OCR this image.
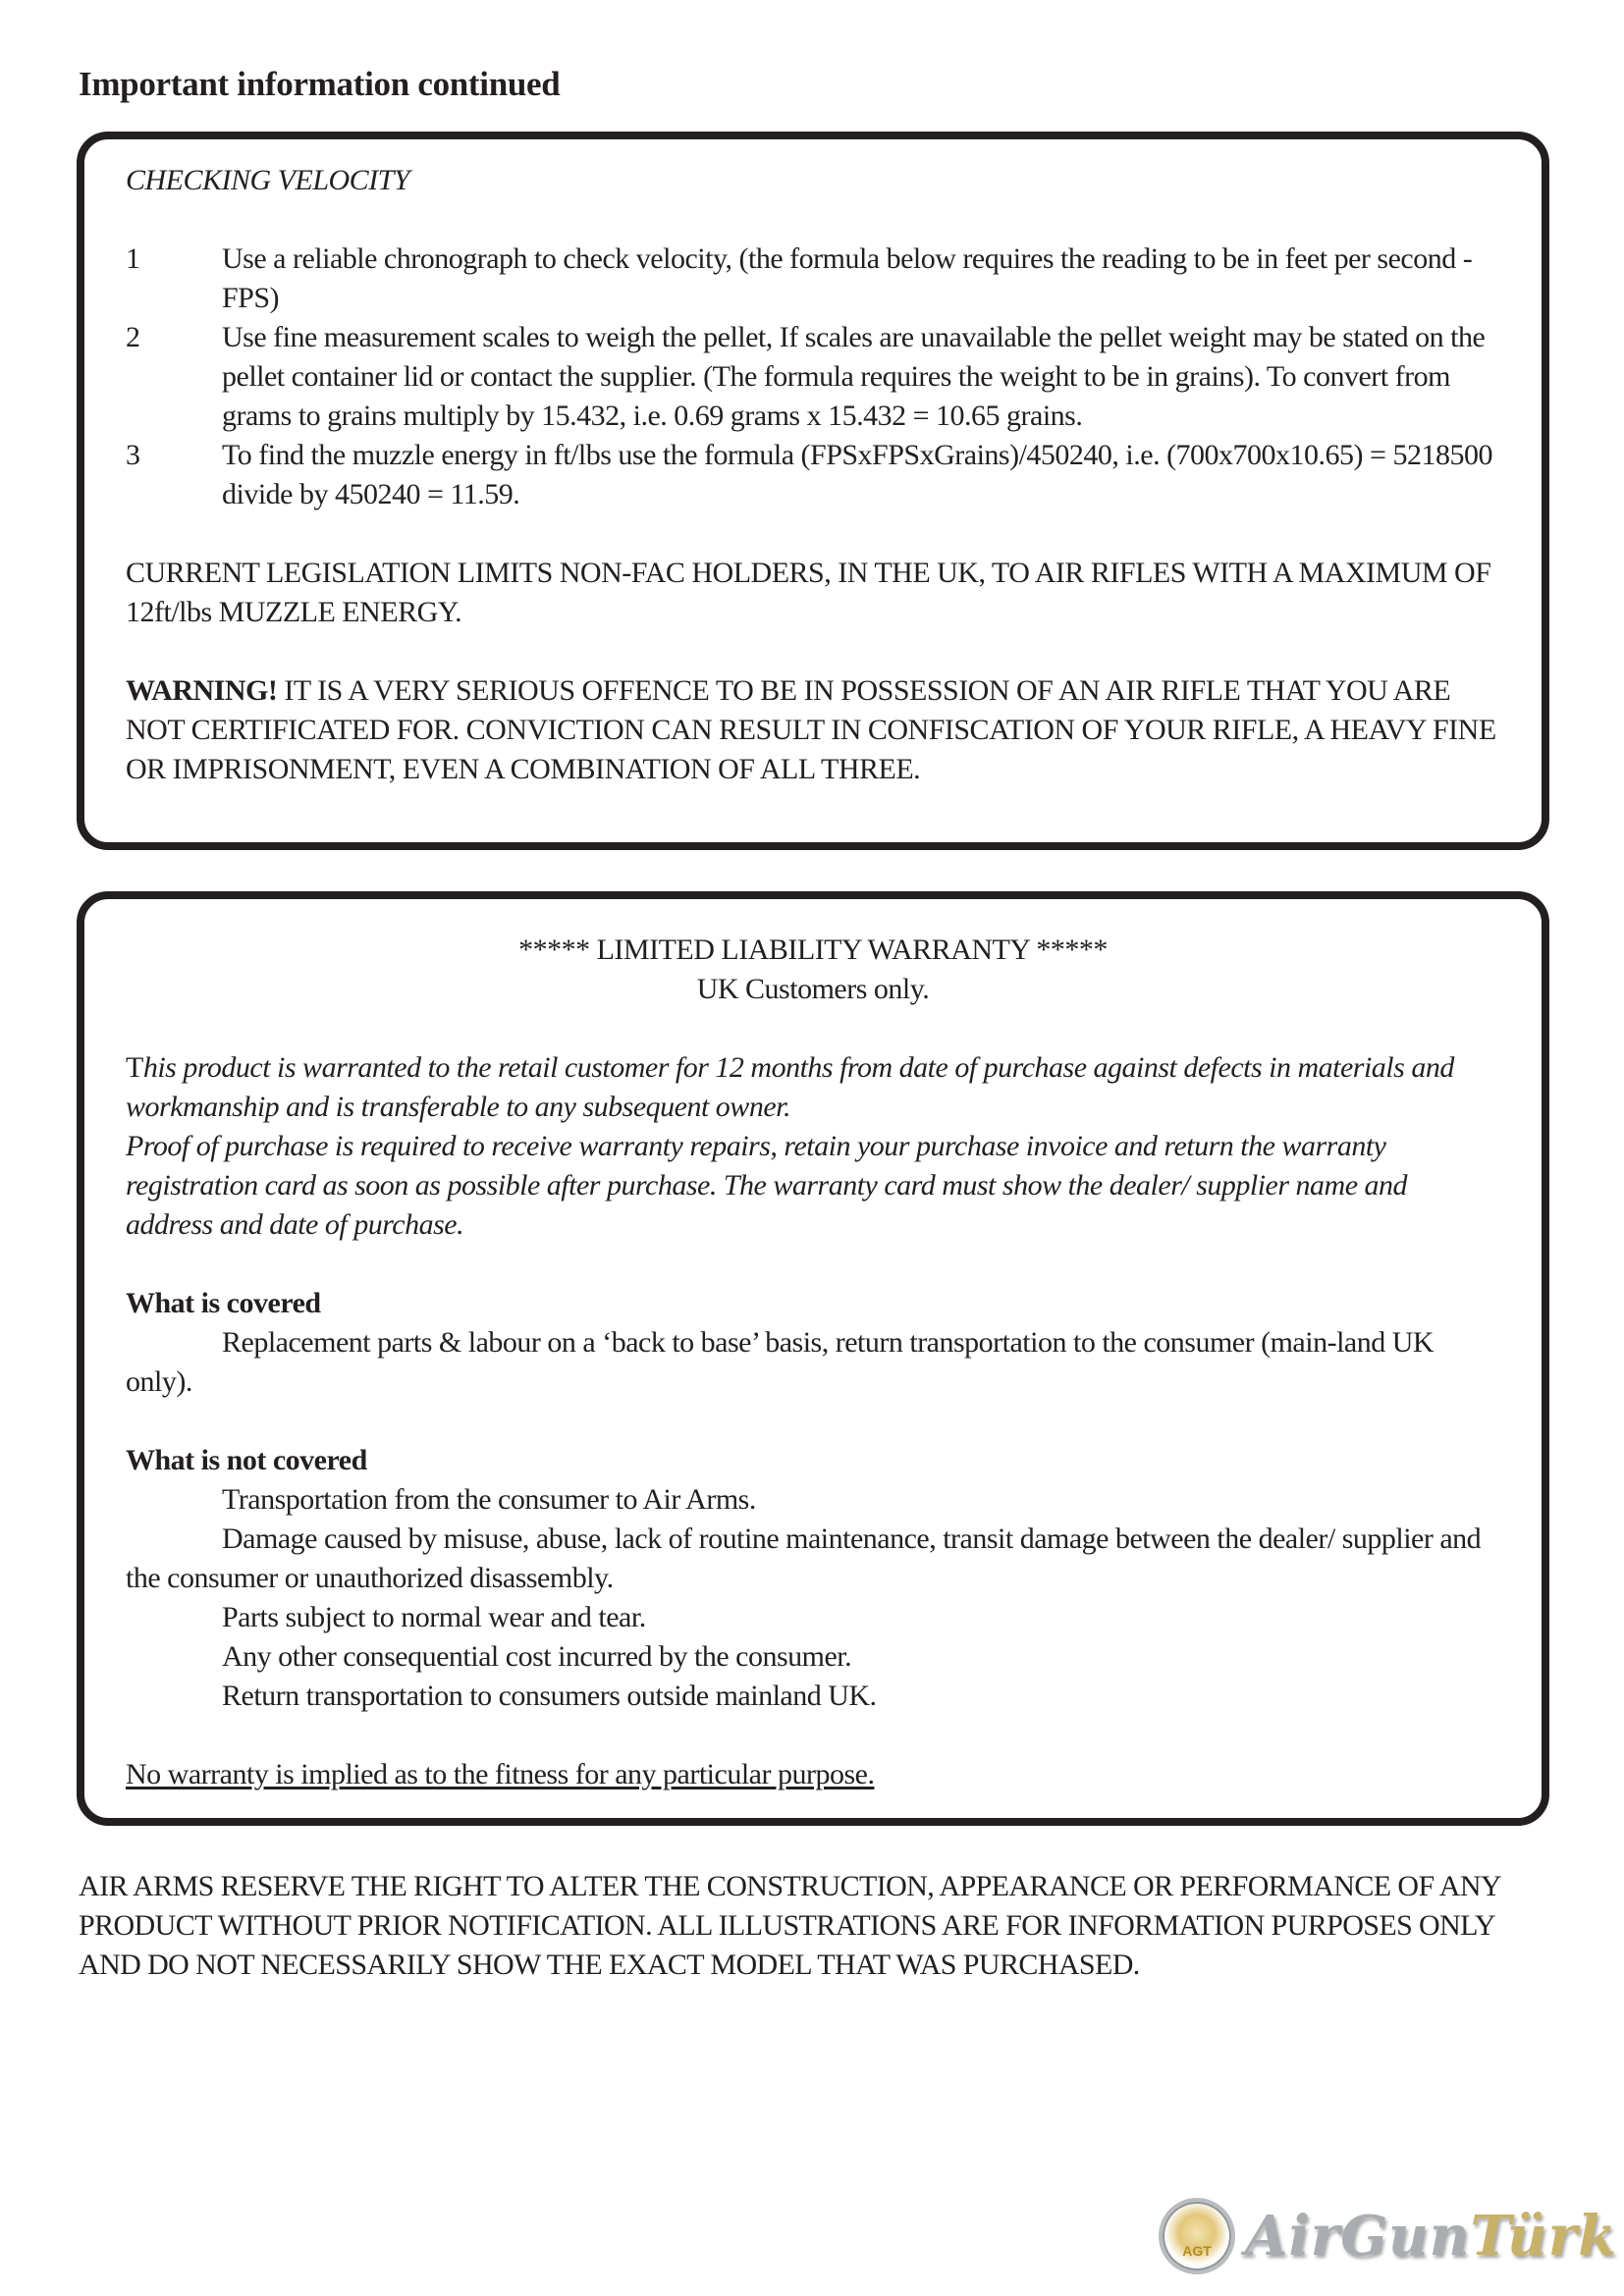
Important information continued
CHECKING VELOCITY
1	Use a reliable chronograph to check velocity, (the formula below requires the reading to be in feet per second - FPS)
2	Use fine measurement scales to weigh the pellet, If scales are unavailable the pellet weight may be stated on the pellet container lid or contact the supplier. (The formula requires the weight to be in grains). To convert from grams to grains multiply by 15.432, i.e. 0.69 grams x 15.432 = 10.65 grains.
3	To find the muzzle energy in ft/lbs use the formula (FPSxFPSxGrains)/450240, i.e. (700x700x10.65) = 5218500 divide by 450240 = 11.59.
CURRENT LEGISLATION LIMITS NON-FAC HOLDERS, IN THE UK, TO AIR RIFLES WITH A MAXIMUM OF 12ft/lbs MUZZLE ENERGY.
WARNING! IT IS A VERY SERIOUS OFFENCE TO BE IN POSSESSION OF AN AIR RIFLE THAT YOU ARE NOT CERTIFICATED FOR. CONVICTION CAN RESULT IN CONFISCATION OF YOUR RIFLE, A HEAVY FINE OR IMPRISONMENT, EVEN A COMBINATION OF ALL THREE.
***** LIMITED LIABILITY WARRANTY *****
UK Customers only.
This product is warranted to the retail customer for 12 months from date of purchase against defects in materials and workmanship and is transferable to any subsequent owner.
Proof of purchase is required to receive warranty repairs, retain your purchase invoice and return the warranty registration card as soon as possible after purchase. The warranty card must show the dealer/ supplier name and address and date of purchase.
What is covered
Replacement parts & labour on a ‘back to base’ basis, return transportation to the consumer (main-land UK only).
What is not covered
Transportation from the consumer to Air Arms.
Damage caused by misuse, abuse, lack of routine maintenance, transit damage between the dealer/ supplier and the consumer or unauthorized disassembly.
Parts subject to normal wear and tear.
Any other consequential cost incurred by the consumer.
Return transportation to consumers outside mainland UK.
No warranty is implied as to the fitness for any particular purpose.
AIR ARMS RESERVE THE RIGHT TO ALTER THE CONSTRUCTION, APPEARANCE OR PERFORMANCE OF ANY PRODUCT WITHOUT PRIOR NOTIFICATION. ALL ILLUSTRATIONS ARE FOR INFORMATION PURPOSES ONLY AND DO NOT NECESSARILY SHOW THE EXACT MODEL THAT WAS PURCHASED.
AGT AirGunTürk
